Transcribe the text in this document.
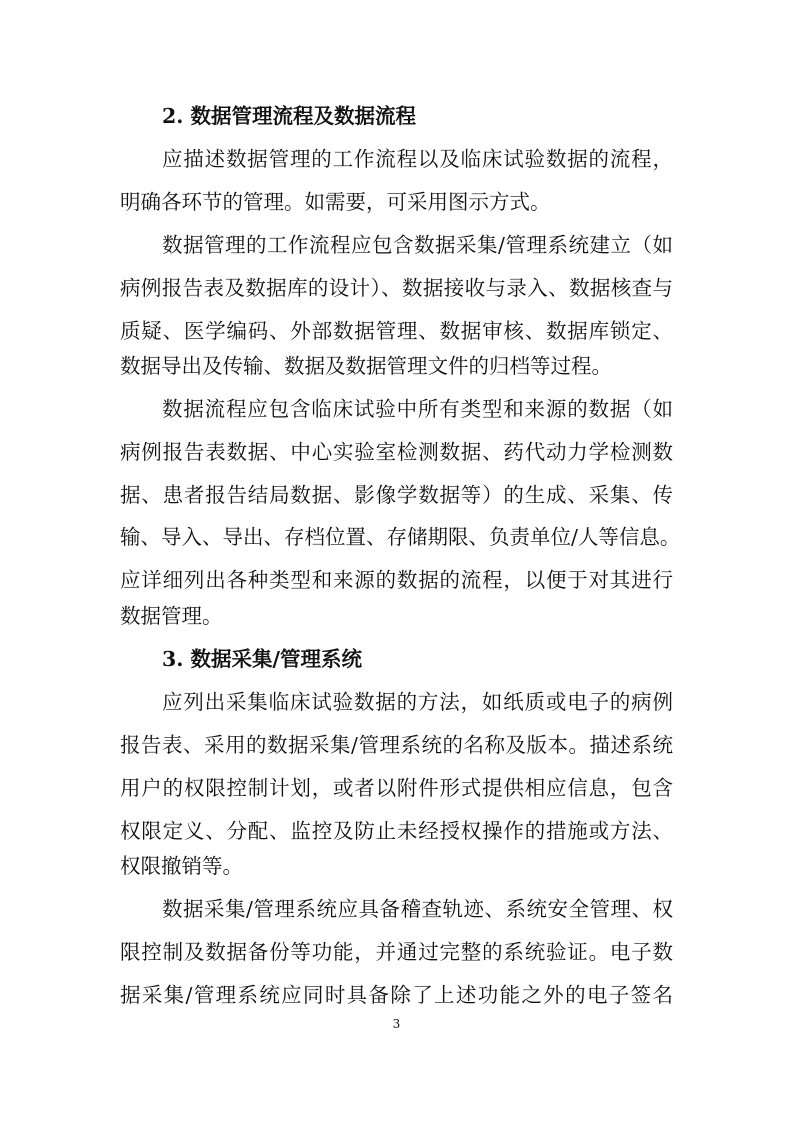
2. 数据管理流程及数据流程
应描述数据管理的工作流程以及临床试验数据的流程，
明确各环节的管理。如需要，可采用图示方式。
数据管理的工作流程应包含数据采集/管理系统建立（如
病例报告表及数据库的设计）、数据接收与录入、数据核查与
质疑、医学编码、外部数据管理、数据审核、数据库锁定、
数据导出及传输、数据及数据管理文件的归档等过程。
数据流程应包含临床试验中所有类型和来源的数据（如
病例报告表数据、中心实验室检测数据、药代动力学检测数
据、患者报告结局数据、影像学数据等）的生成、采集、传
输、导入、导出、存档位置、存储期限、负责单位/人等信息。
应详细列出各种类型和来源的数据的流程，以便于对其进行
数据管理。
3. 数据采集/管理系统
应列出采集临床试验数据的方法，如纸质或电子的病例
报告表、采用的数据采集/管理系统的名称及版本。描述系统
用户的权限控制计划，或者以附件形式提供相应信息，包含
权限定义、分配、监控及防止未经授权操作的措施或方法、
权限撤销等。
数据采集/管理系统应具备稽查轨迹、系统安全管理、权
限控制及数据备份等功能，并通过完整的系统验证。电子数
据采集/管理系统应同时具备除了上述功能之外的电子签名
3
